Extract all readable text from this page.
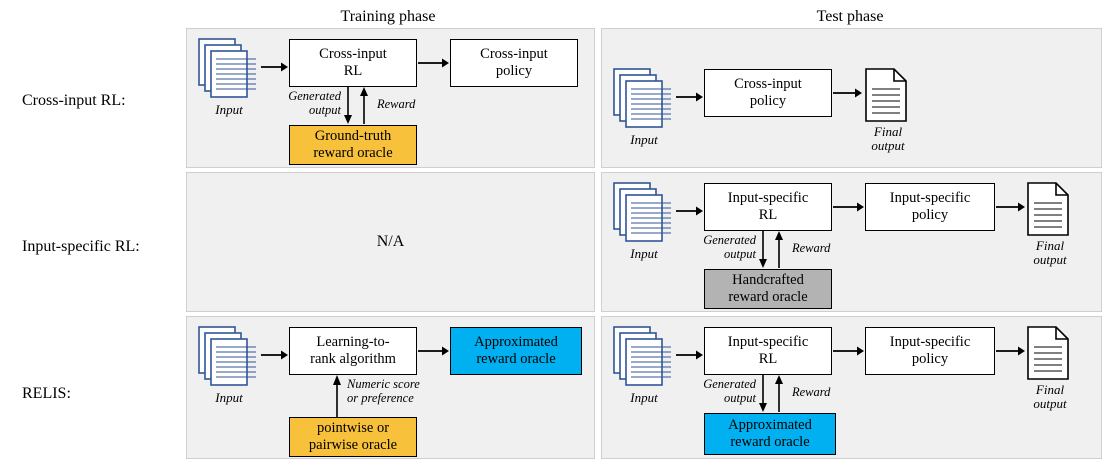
Training phase	Test phase
Cross-input RL:
Input-specific RL:
RELIS:
Input
Cross-input
RL
Cross-input
policy
Generated
output	Reward
Ground-truth
reward oracle
Input
Cross-input
policy
Final
output
N/A
Input
Input-specific
RL
Input-specific
policy
Final
output
Generated
output	Reward
Handcrafted
reward oracle
Input
Learning-to-
rank algorithm
Approximated
reward oracle
Numeric score
or preference
pointwise or
pairwise oracle
Input
Input-specific
RL
Input-specific
policy
Final
output
Generated
output	Reward
Approximated
reward oracle
